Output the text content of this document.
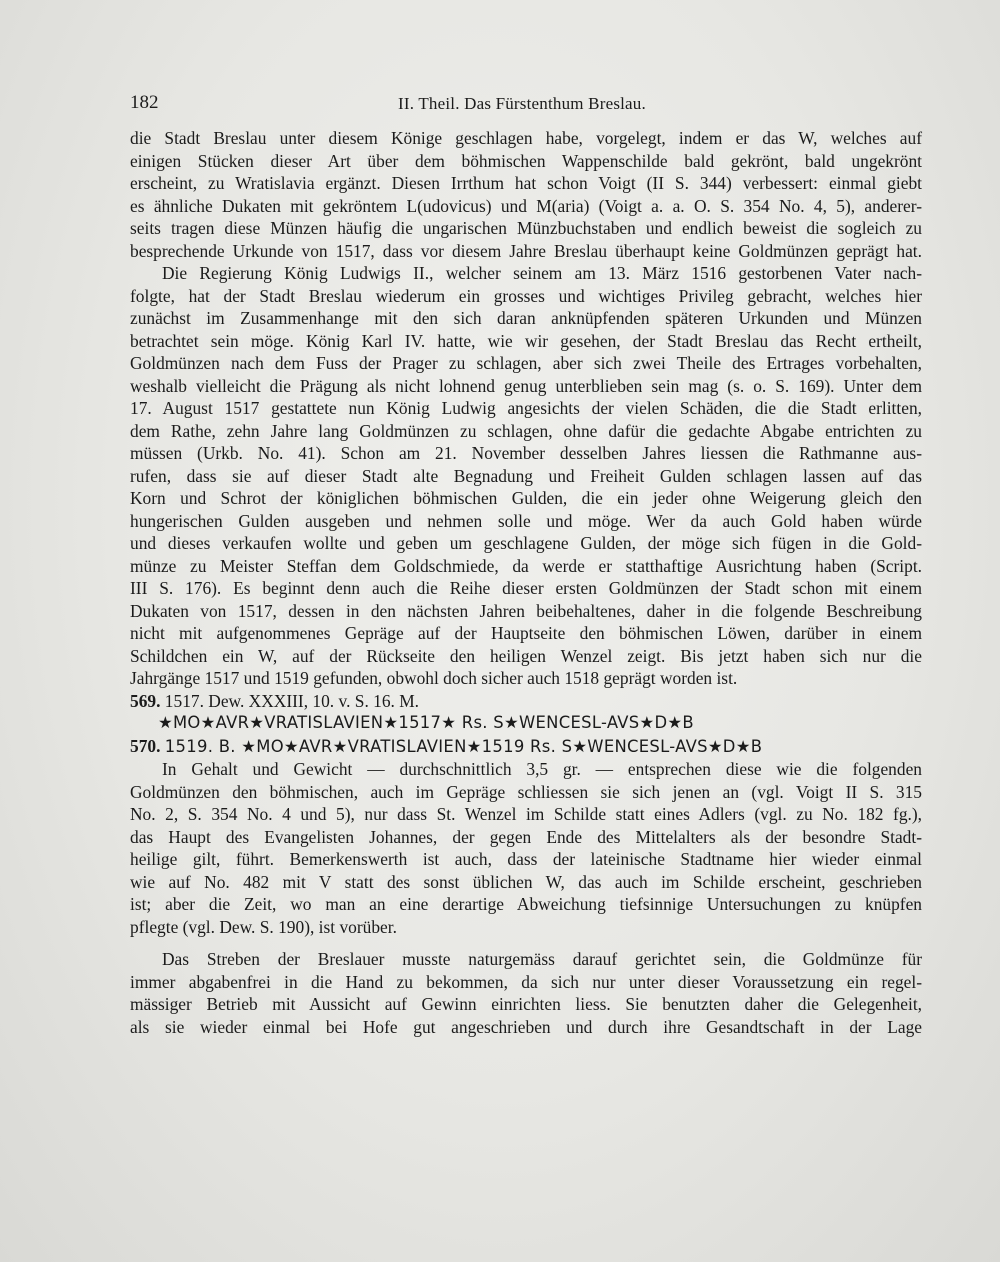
182	II. Theil. Das Fürstenthum Breslau.
die Stadt Breslau unter diesem Könige geschlagen habe, vorgelegt, indem er das W, welches auf
einigen Stücken dieser Art über dem böhmischen Wappenschilde bald gekrönt, bald ungekrönt
erscheint, zu Wratislavia ergänzt. Diesen Irrthum hat schon Voigt (II S. 344) verbessert: einmal giebt
es ähnliche Dukaten mit gekröntem L(udovicus) und M(aria) (Voigt a. a. O. S. 354 No. 4, 5), anderer-
seits tragen diese Münzen häufig die ungarischen Münzbuchstaben und endlich beweist die sogleich zu
besprechende Urkunde von 1517, dass vor diesem Jahre Breslau überhaupt keine Goldmünzen geprägt hat.
Die Regierung König Ludwigs II., welcher seinem am 13. März 1516 gestorbenen Vater nach-
folgte, hat der Stadt Breslau wiederum ein grosses und wichtiges Privileg gebracht, welches hier
zunächst im Zusammenhange mit den sich daran anknüpfenden späteren Urkunden und Münzen
betrachtet sein möge. König Karl IV. hatte, wie wir gesehen, der Stadt Breslau das Recht ertheilt,
Goldmünzen nach dem Fuss der Prager zu schlagen, aber sich zwei Theile des Ertrages vorbehalten,
weshalb vielleicht die Prägung als nicht lohnend genug unterblieben sein mag (s. o. S. 169). Unter dem
17. August 1517 gestattete nun König Ludwig angesichts der vielen Schäden, die die Stadt erlitten,
dem Rathe, zehn Jahre lang Goldmünzen zu schlagen, ohne dafür die gedachte Abgabe entrichten zu
müssen (Urkb. No. 41). Schon am 21. November desselben Jahres liessen die Rathmanne aus-
rufen, dass sie auf dieser Stadt alte Begnadung und Freiheit Gulden schlagen lassen auf das
Korn und Schrot der königlichen böhmischen Gulden, die ein jeder ohne Weigerung gleich den
hungerischen Gulden ausgeben und nehmen solle und möge. Wer da auch Gold haben würde
und dieses verkaufen wollte und geben um geschlagene Gulden, der möge sich fügen in die Gold-
münze zu Meister Steffan dem Goldschmiede, da werde er statthaftige Ausrichtung haben (Script.
III S. 176). Es beginnt denn auch die Reihe dieser ersten Goldmünzen der Stadt schon mit einem
Dukaten von 1517, dessen in den nächsten Jahren beibehaltenes, daher in die folgende Beschreibung
nicht mit aufgenommenes Gepräge auf der Hauptseite den böhmischen Löwen, darüber in einem
Schildchen ein W, auf der Rückseite den heiligen Wenzel zeigt. Bis jetzt haben sich nur die
Jahrgänge 1517 und 1519 gefunden, obwohl doch sicher auch 1518 geprägt worden ist.
569. 1517. Dew. XXXIII, 10. v. S. 16. M.
★MO★AVR★VRATISLAVIEN★1517★ Rs. S★WENCESL-AVS★D★B
570. 1519. B. ★MO★AVR★VRATISLAVIEN★1519 Rs. S★WENCESL-AVS★D★B
In Gehalt und Gewicht — durchschnittlich 3,5 gr. — entsprechen diese wie die folgenden
Goldmünzen den böhmischen, auch im Gepräge schliessen sie sich jenen an (vgl. Voigt II S. 315
No. 2, S. 354 No. 4 und 5), nur dass St. Wenzel im Schilde statt eines Adlers (vgl. zu No. 182 fg.),
das Haupt des Evangelisten Johannes, der gegen Ende des Mittelalters als der besondre Stadt-
heilige gilt, führt. Bemerkenswerth ist auch, dass der lateinische Stadtname hier wieder einmal
wie auf No. 482 mit V statt des sonst üblichen W, das auch im Schilde erscheint, geschrieben
ist; aber die Zeit, wo man an eine derartige Abweichung tiefsinnige Untersuchungen zu knüpfen
pflegte (vgl. Dew. S. 190), ist vorüber.
Das Streben der Breslauer musste naturgemäss darauf gerichtet sein, die Goldmünze für
immer abgabenfrei in die Hand zu bekommen, da sich nur unter dieser Voraussetzung ein regel-
mässiger Betrieb mit Aussicht auf Gewinn einrichten liess. Sie benutzten daher die Gelegenheit,
als sie wieder einmal bei Hofe gut angeschrieben und durch ihre Gesandtschaft in der Lage
